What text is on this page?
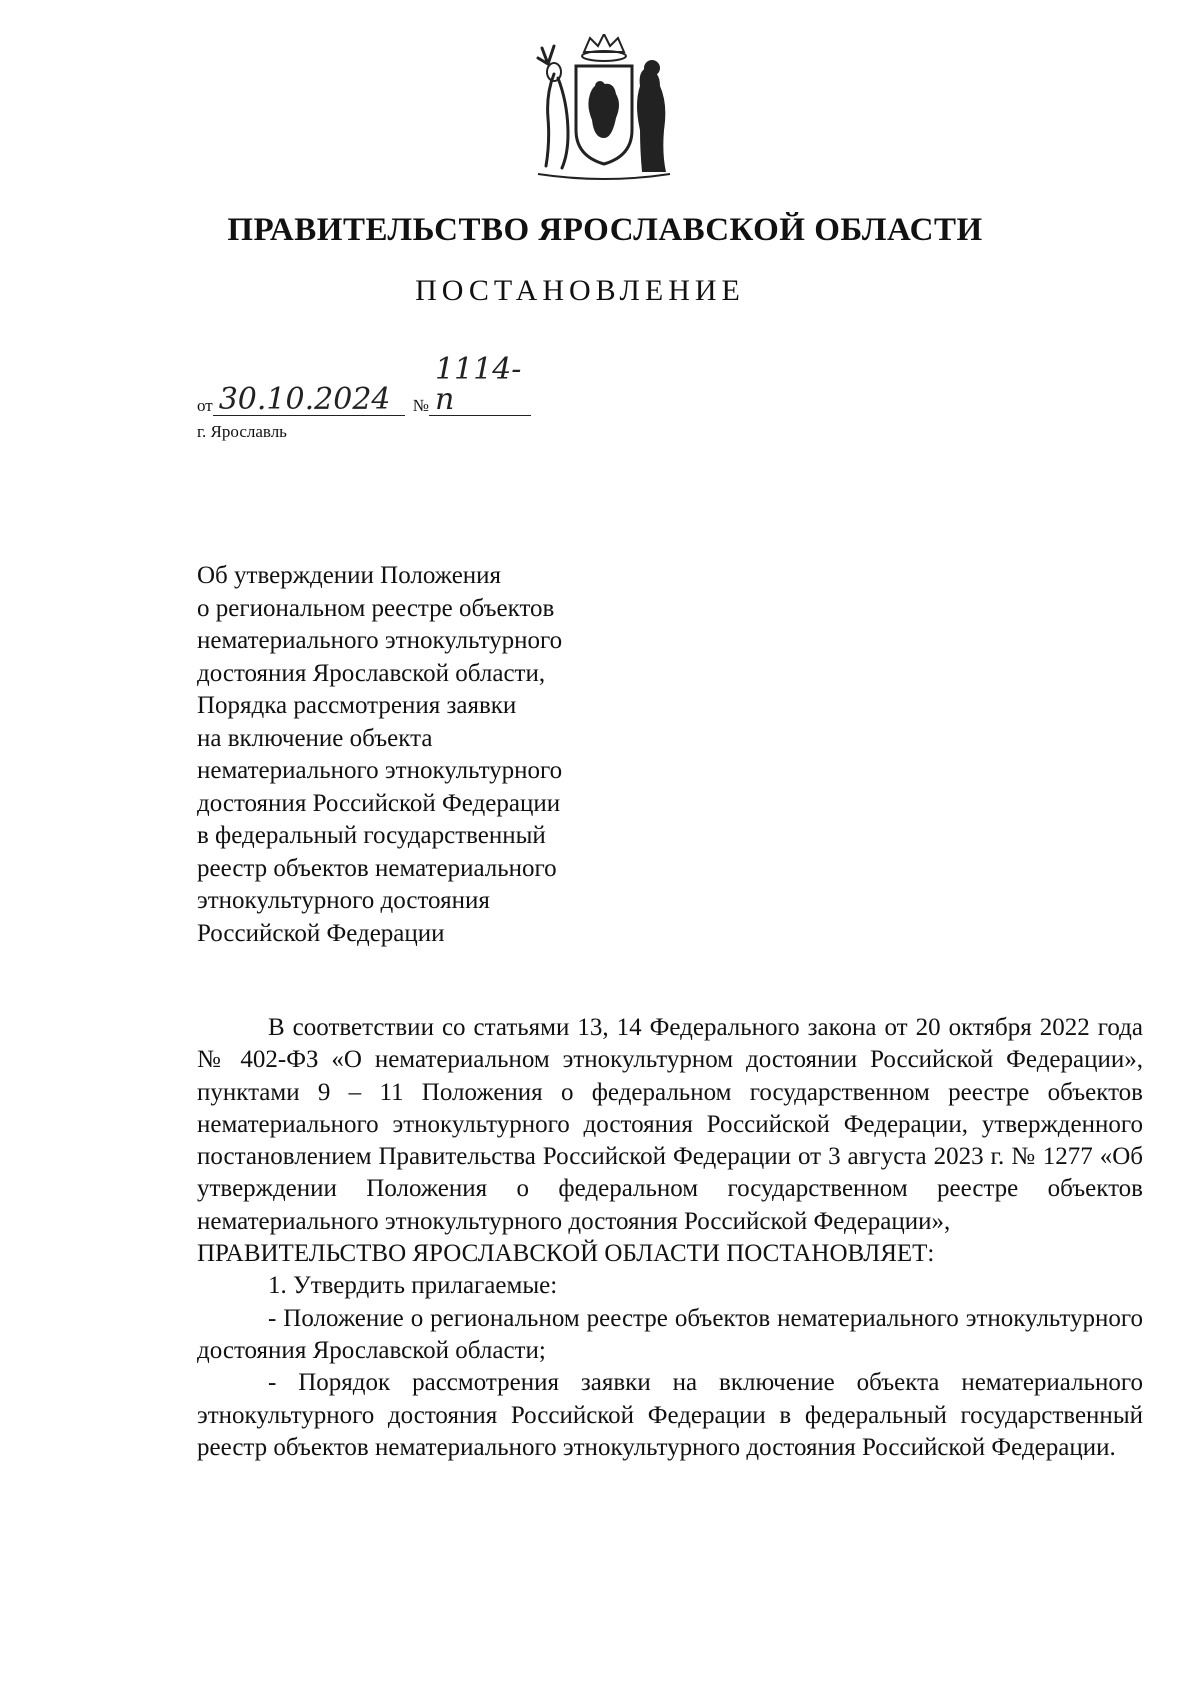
ПРАВИТЕЛЬСТВО ЯРОСЛАВСКОЙ ОБЛАСТИ
ПОСТАНОВЛЕНИЕ
от 30.10.2024	№
1114-п
г. Ярославль
Об утверждении Положения
о региональном реестре объектов
нематериального этнокультурного
достояния Ярославской области,
Порядка рассмотрения заявки
на включение объекта
нематериального этнокультурного
достояния Российской Федерации
в федеральный государственный
реестр объектов нематериального
этнокультурного достояния
Российской Федерации

В соответствии со статьями 13, 14 Федерального закона от 20 октября 2022 года № 402-ФЗ «О нематериальном этнокультурном достоянии Российской Федерации», пунктами 9 – 11 Положения о федеральном государственном реестре объектов нематериального этнокультурного достояния Российской Федерации, утвержденного постановлением Правительства Российской Федерации от 3 августа 2023 г. № 1277 «Об утверждении Положения о федеральном государственном реестре объектов нематериального этнокультурного достояния Российской Федерации»,

ПРАВИТЕЛЬСТВО ЯРОСЛАВСКОЙ ОБЛАСТИ ПОСТАНОВЛЯЕТ:

1. Утвердить прилагаемые:

- Положение о региональном реестре объектов нематериального этнокультурного достояния Ярославской области;

- Порядок рассмотрения заявки на включение объекта нематериального этнокультурного достояния Российской Федерации в федеральный государственный реестр объектов нематериального этнокультурного достояния Российской Федерации.
